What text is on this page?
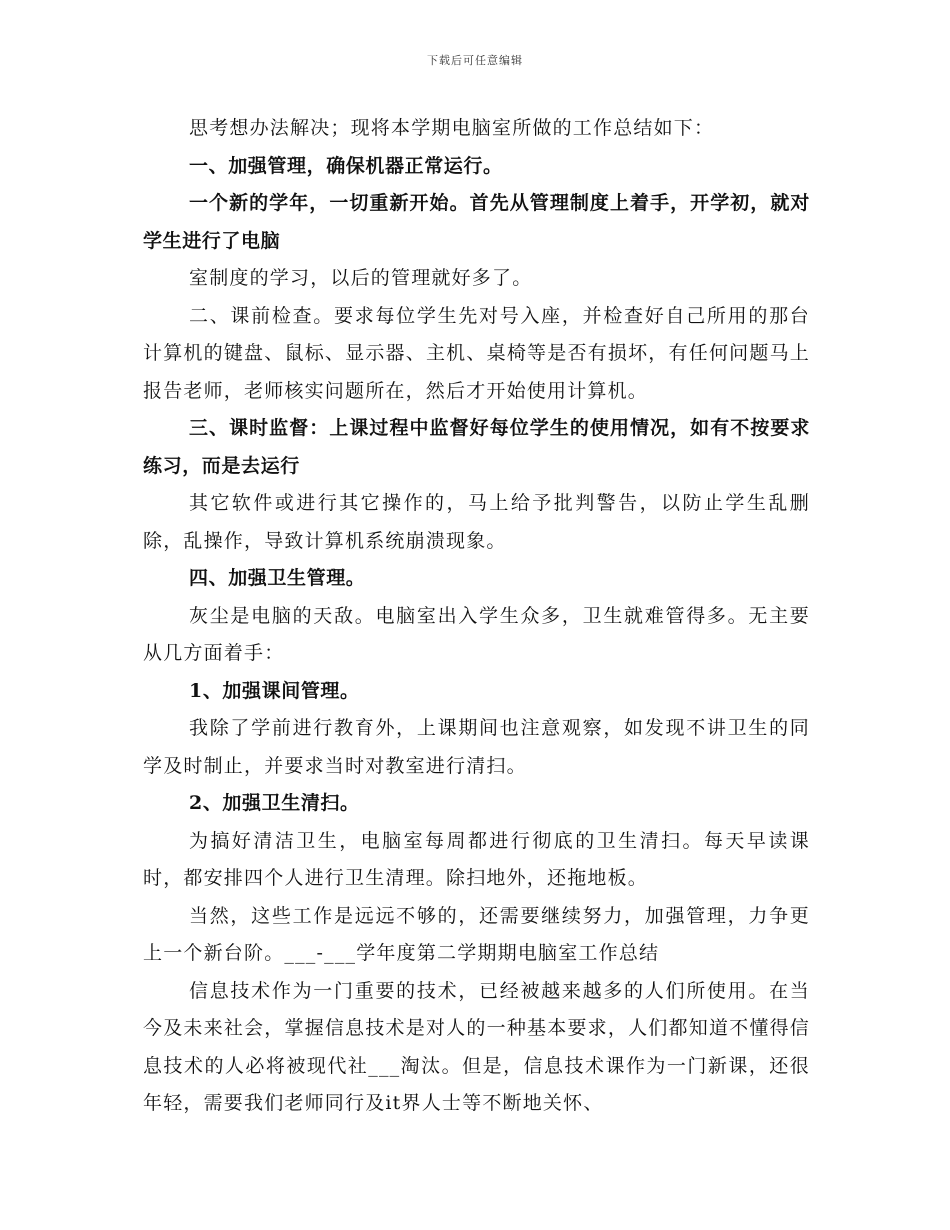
下载后可任意编辑

思考想办法解决；现将本学期电脑室所做的工作总结如下：

一、加强管理，确保机器正常运行。

一个新的学年，一切重新开始。首先从管理制度上着手，开学初，就对学生进行了电脑

室制度的学习，以后的管理就好多了。

二、课前检查。要求每位学生先对号入座，并检查好自己所用的那台计算机的键盘、鼠标、显示器、主机、桌椅等是否有损坏，有任何问题马上报告老师，老师核实问题所在，然后才开始使用计算机。

三、课时监督：上课过程中监督好每位学生的使用情况，如有不按要求练习，而是去运行

其它软件或进行其它操作的，马上给予批判警告，以防止学生乱删除，乱操作，导致计算机系统崩溃现象。

四、加强卫生管理。

灰尘是电脑的天敌。电脑室出入学生众多，卫生就难管得多。无主要从几方面着手：

1、加强课间管理。

我除了学前进行教育外，上课期间也注意观察，如发现不讲卫生的同学及时制止，并要求当时对教室进行清扫。

2、加强卫生清扫。

为搞好清洁卫生，电脑室每周都进行彻底的卫生清扫。每天早读课时，都安排四个人进行卫生清理。除扫地外，还拖地板。

当然，这些工作是远远不够的，还需要继续努力，加强管理，力争更上一个新台阶。___-___学年度第二学期期电脑室工作总结

信息技术作为一门重要的技术，已经被越来越多的人们所使用。在当今及未来社会，掌握信息技术是对人的一种基本要求，人们都知道不懂得信息技术的人必将被现代社___淘汰。但是，信息技术课作为一门新课，还很年轻，需要我们老师同行及it界人士等不断地关怀、
